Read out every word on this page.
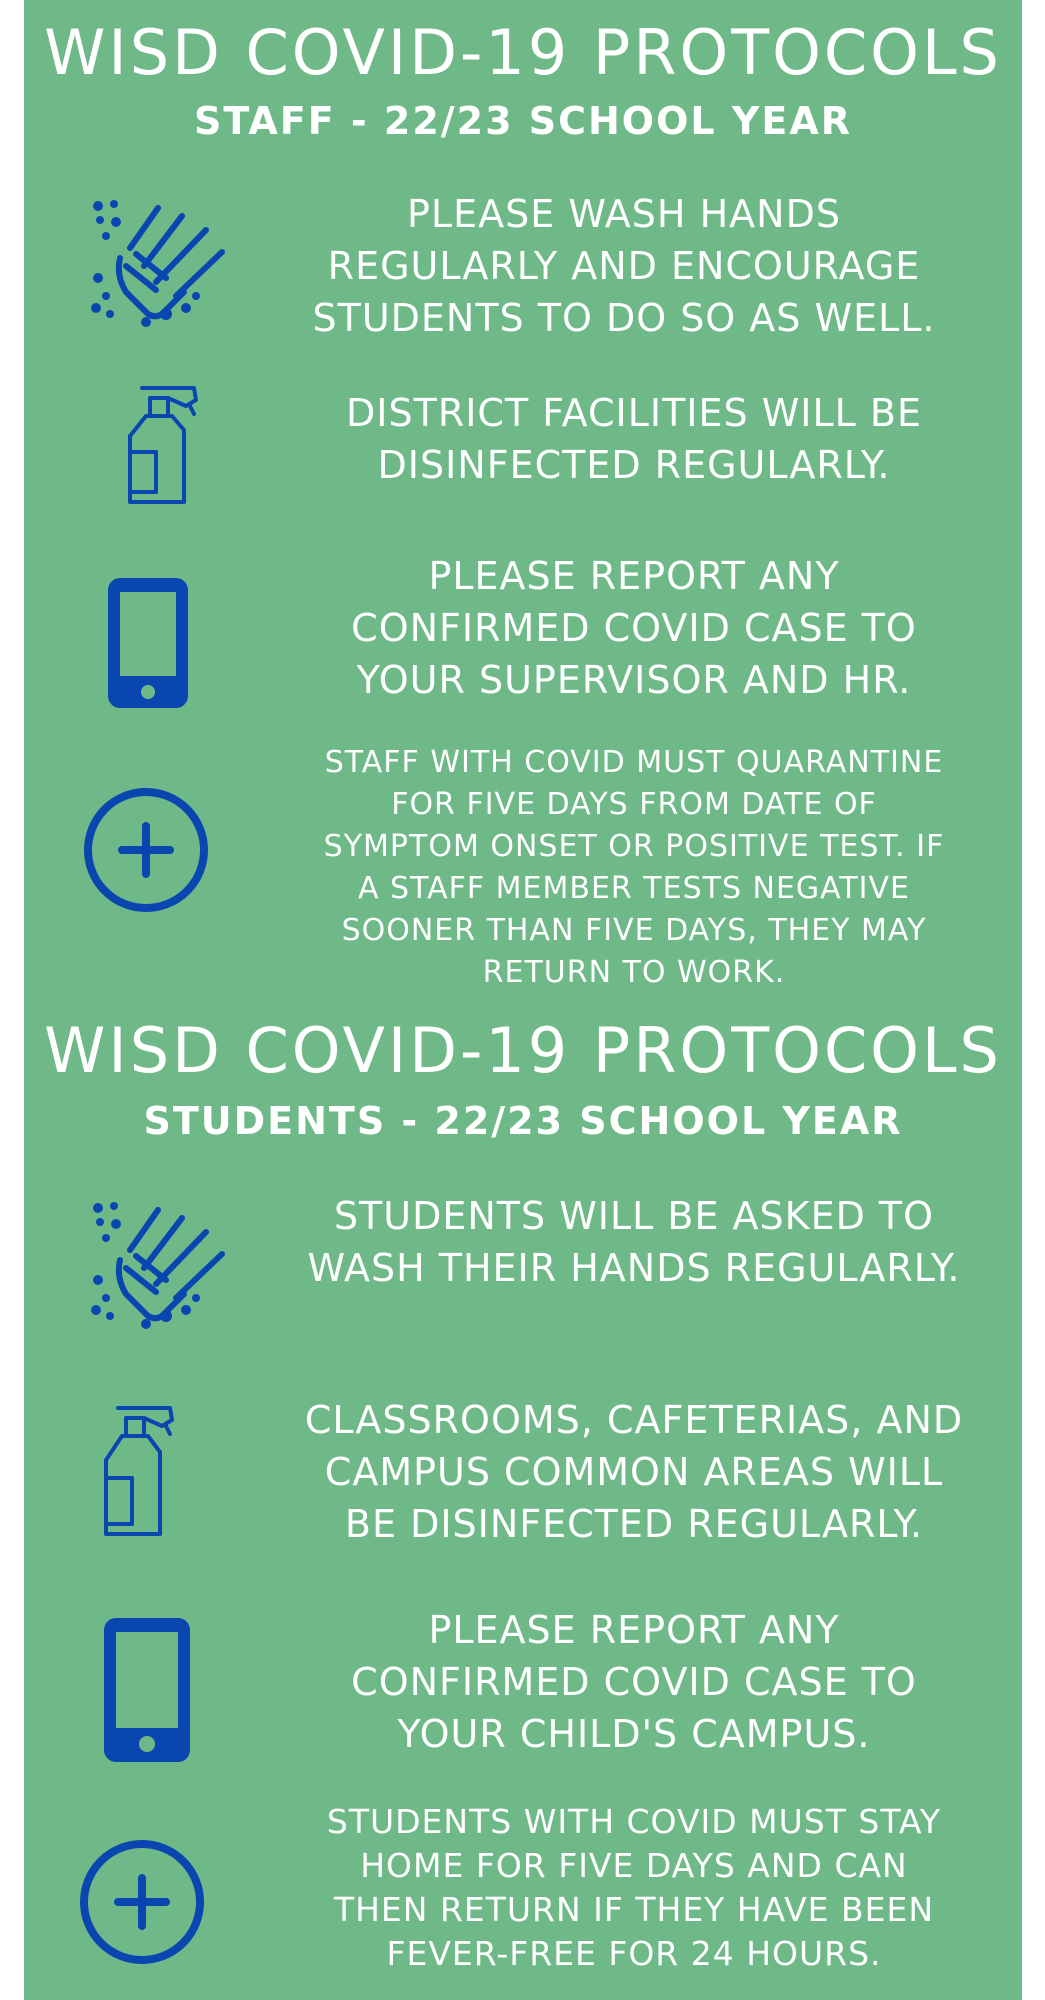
WISD COVID-19 PROTOCOLS
STAFF - 22/23 SCHOOL YEAR

PLEASE WASH HANDS
REGULARLY AND ENCOURAGE
STUDENTS TO DO SO AS WELL.

DISTRICT FACILITIES WILL BE
DISINFECTED REGULARLY.

PLEASE REPORT ANY
CONFIRMED COVID CASE TO
YOUR SUPERVISOR AND HR.

STAFF WITH COVID MUST QUARANTINE
FOR FIVE DAYS FROM DATE OF
SYMPTOM ONSET OR POSITIVE TEST. IF
A STAFF MEMBER TESTS NEGATIVE
SOONER THAN FIVE DAYS, THEY MAY
RETURN TO WORK.

WISD COVID-19 PROTOCOLS
STUDENTS - 22/23 SCHOOL YEAR

STUDENTS WILL BE ASKED TO
WASH THEIR HANDS REGULARLY.

CLASSROOMS, CAFETERIAS, AND
CAMPUS COMMON AREAS WILL
BE DISINFECTED REGULARLY.

PLEASE REPORT ANY
CONFIRMED COVID CASE TO
YOUR CHILD'S CAMPUS.

STUDENTS WITH COVID MUST STAY
HOME FOR FIVE DAYS AND CAN
THEN RETURN IF THEY HAVE BEEN
FEVER-FREE FOR 24 HOURS.
